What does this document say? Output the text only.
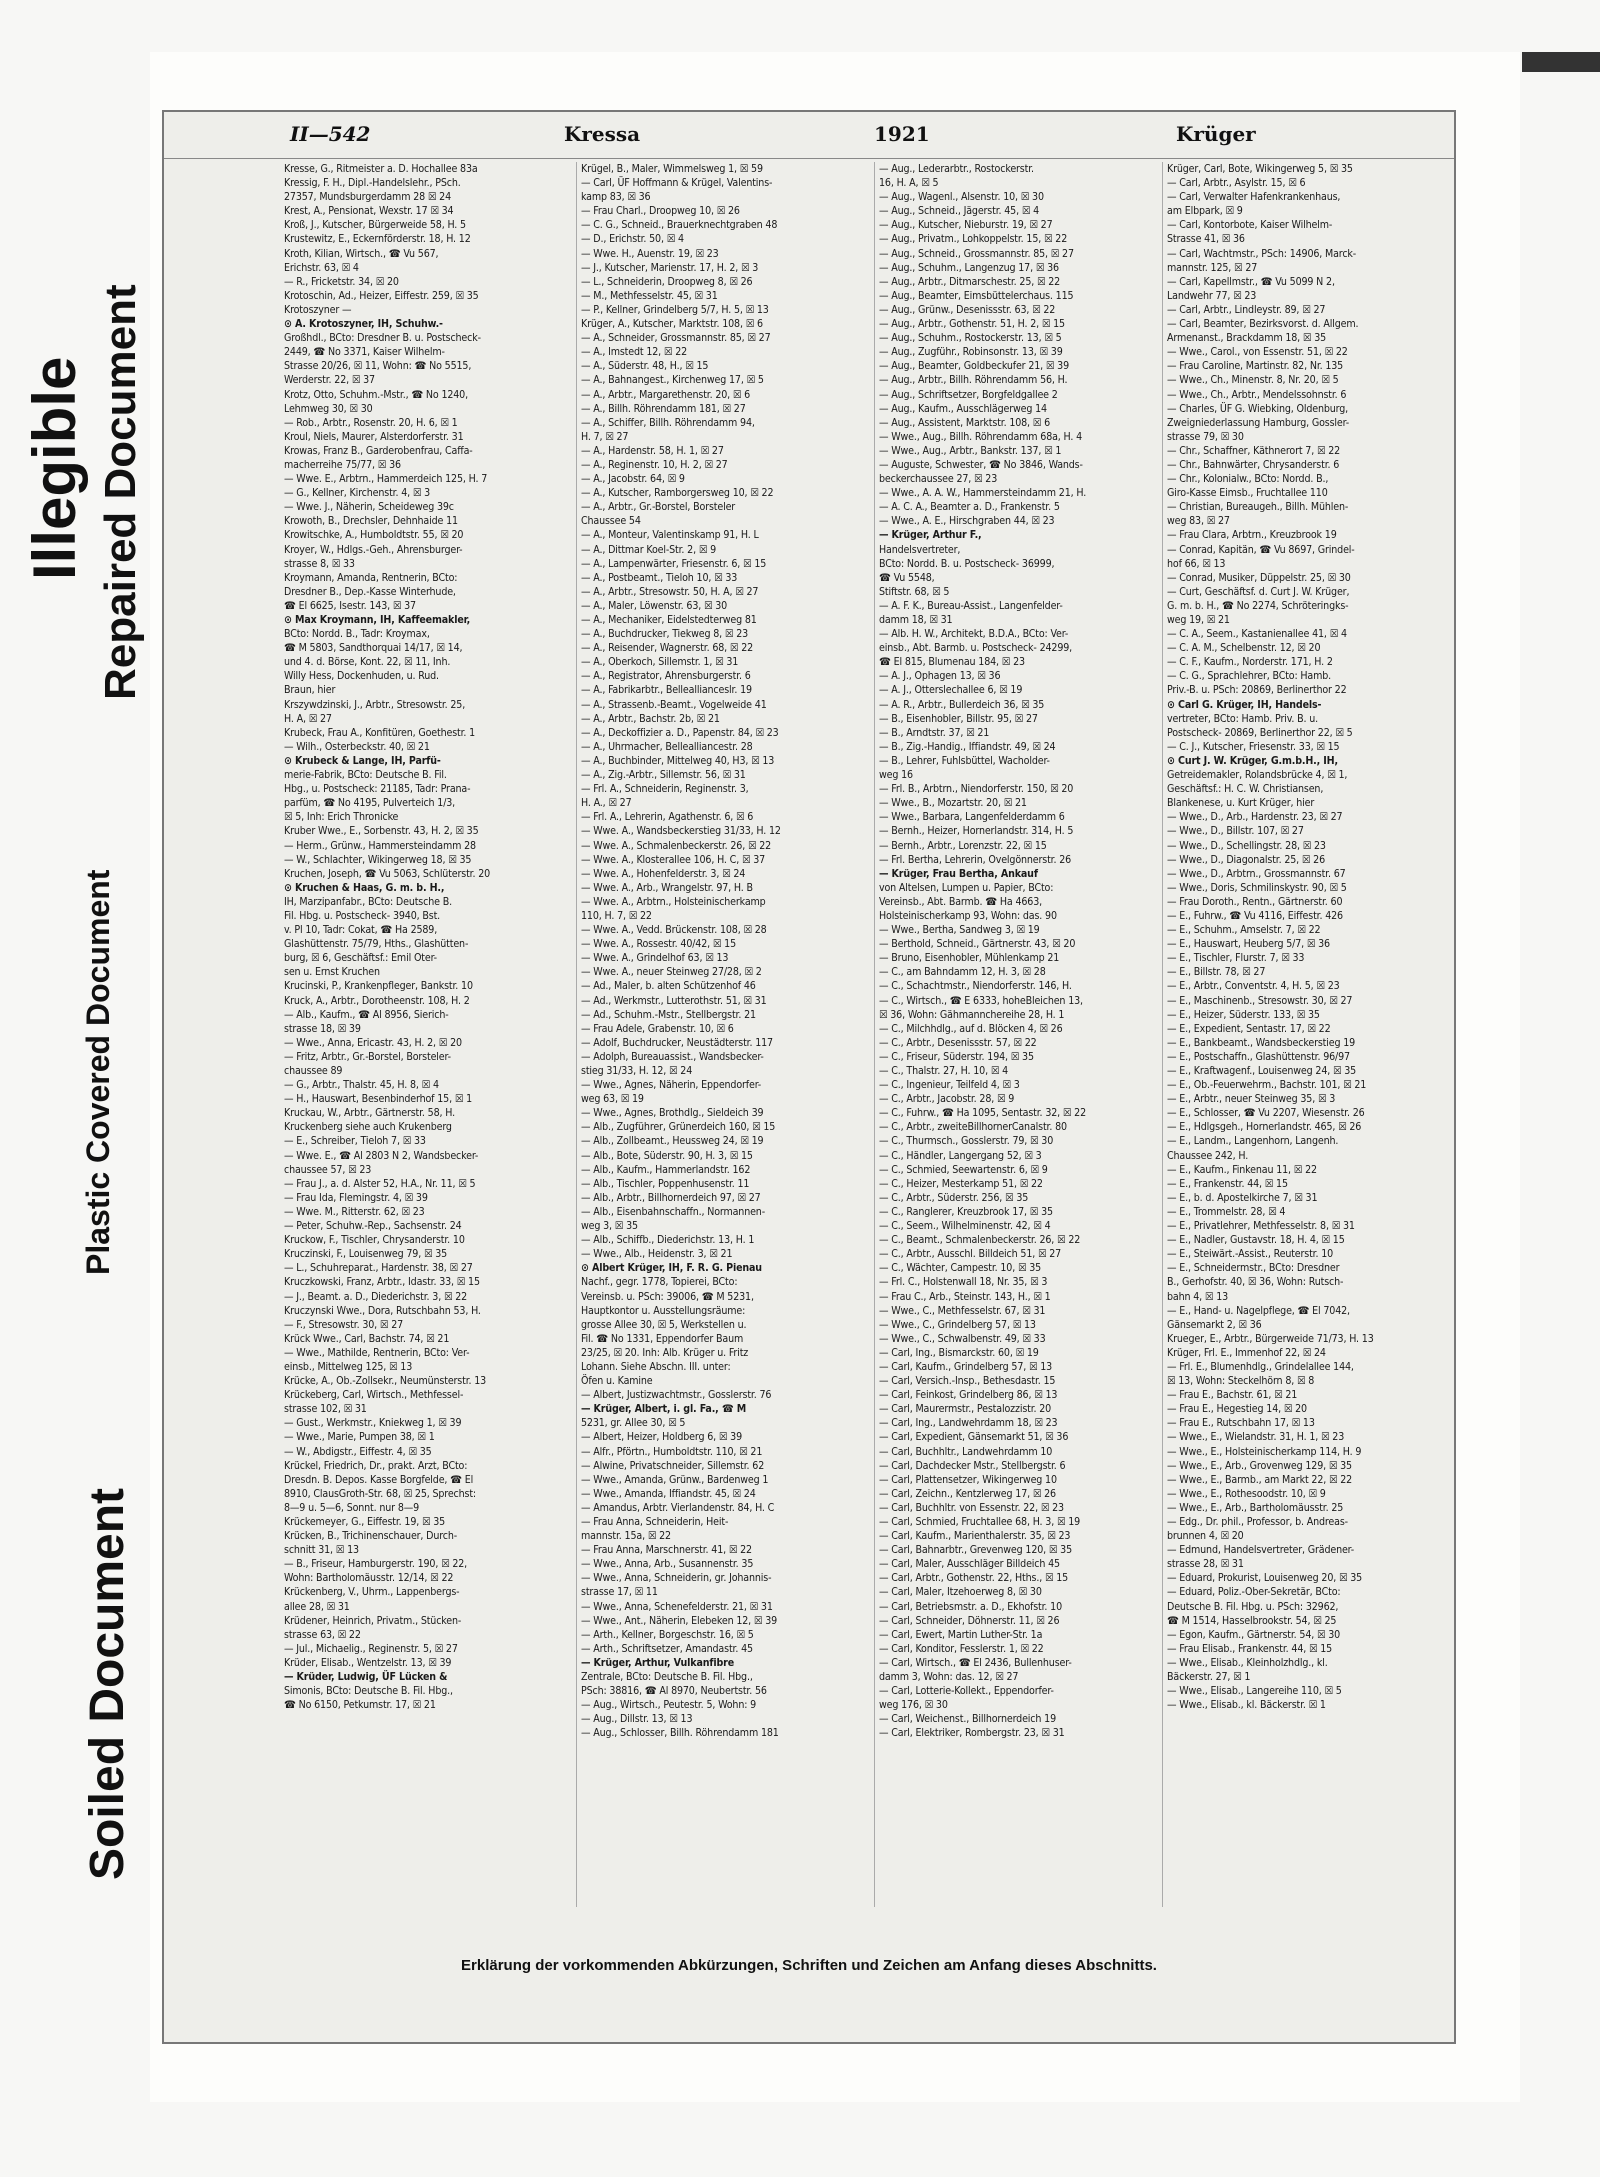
Illegible Repaired Document
Plastic Covered Document
Soiled Document
II—542	Kressa	1921	Krüger
Kresse, G., Ritmeister a. D. Hochallee 83a
Kressig, F. H., Dipl.-Handelslehr., PSch.
27357, Mundsburgerdamm 28 ☒ 24
Krest, A., Pensionat, Wexstr. 17 ☒ 34
Kroß, J., Kutscher, Bürgerweide 58, H. 5
Krustewitz, E., Eckernförderstr. 18, H. 12
Kroth, Kilian, Wirtsch., ☎ Vu 567,
Erichstr. 63, ☒ 4
— R., Fricketstr. 34, ☒ 20
Krotoschin, Ad., Heizer, Eiffestr. 259, ☒ 35
Krotoszyner —
⊙ A. Krotoszyner, IH, Schuhw.-
Großhdl., BCto: Dresdner B. u. Postscheck-
2449, ☎ No 3371, Kaiser Wilhelm-
Strasse 20/26, ☒ 11, Wohn: ☎ No 5515,
Werderstr. 22, ☒ 37
Krotz, Otto, Schuhm.-Mstr., ☎ No 1240,
Lehmweg 30, ☒ 30
— Rob., Arbtr., Rosenstr. 20, H. 6, ☒ 1
Kroul, Niels, Maurer, Alsterdorferstr. 31
Krowas, Franz B., Garderobenfrau, Caffa-
macherreihe 75/77, ☒ 36
— Wwe. E., Arbtrn., Hammerdeich 125, H. 7
— G., Kellner, Kirchenstr. 4, ☒ 3
— Wwe. J., Näherin, Scheideweg 39c
Krowoth, B., Drechsler, Dehnhaide 11
Krowitschke, A., Humboldtstr. 55, ☒ 20
Kroyer, W., Hdlgs.-Geh., Ahrensburger-
strasse 8, ☒ 33
Kroymann, Amanda, Rentnerin, BCto:
Dresdner B., Dep.-Kasse Winterhude,
☎ El 6625, Isestr. 143, ☒ 37
⊙ Max Kroymann, IH, Kaffeemakler,
BCto: Nordd. B., Tadr: Kroymax,
☎ M 5803, Sandthorquai 14/17, ☒ 14,
und 4. d. Börse, Kont. 22, ☒ 11, Inh.
Willy Hess, Dockenhuden, u. Rud.
Braun, hier
Krszywdzinski, J., Arbtr., Stresowstr. 25,
H. A, ☒ 27
Krubeck, Frau A., Konfitüren, Goethestr. 1
— Wilh., Osterbeckstr. 40, ☒ 21
⊙ Krubeck & Lange, IH, Parfü-
merie-Fabrik, BCto: Deutsche B. Fil.
Hbg., u. Postscheck: 21185, Tadr: Prana-
parfüm, ☎ No 4195, Pulverteich 1/3,
☒ 5, Inh: Erich Thronicke
Kruber Wwe., E., Sorbenstr. 43, H. 2, ☒ 35
— Herm., Grünw., Hammersteindamm 28
— W., Schlachter, Wikingerweg 18, ☒ 35
Kruchen, Joseph, ☎ Vu 5063, Schlüterstr. 20
⊙ Kruchen & Haas, G. m. b. H.,
IH, Marzipanfabr., BCto: Deutsche B.
Fil. Hbg. u. Postscheck- 3940, Bst.
v. Pl 10, Tadr: Cokat, ☎ Ha 2589,
Glashüttenstr. 75/79, Hths., Glashütten-
burg, ☒ 6, Geschäftsf.: Emil Oter-
sen u. Ernst Kruchen
Krucinski, P., Krankenpfleger, Bankstr. 10
Kruck, A., Arbtr., Dorotheenstr. 108, H. 2
— Alb., Kaufm., ☎ Al 8956, Sierich-
strasse 18, ☒ 39
— Wwe., Anna, Ericastr. 43, H. 2, ☒ 20
— Fritz, Arbtr., Gr.-Borstel, Borsteler-
chaussee 89
— G., Arbtr., Thalstr. 45, H. 8, ☒ 4
— H., Hauswart, Besenbinderhof 15, ☒ 1
Kruckau, W., Arbtr., Gärtnerstr. 58, H.
Kruckenberg siehe auch Krukenberg
— E., Schreiber, Tieloh 7, ☒ 33
— Wwe. E., ☎ Al 2803 N 2, Wandsbecker-
chaussee 57, ☒ 23
— Frau J., a. d. Alster 52, H.A., Nr. 11, ☒ 5
— Frau Ida, Flemingstr. 4, ☒ 39
— Wwe. M., Ritterstr. 62, ☒ 23
— Peter, Schuhw.-Rep., Sachsenstr. 24
Kruckow, F., Tischler, Chrysanderstr. 10
Kruczinski, F., Louisenweg 79, ☒ 35
— L., Schuhreparat., Hardenstr. 38, ☒ 27
Kruczkowski, Franz, Arbtr., Idastr. 33, ☒ 15
— J., Beamt. a. D., Diederichstr. 3, ☒ 22
Kruczynski Wwe., Dora, Rutschbahn 53, H.
— F., Stresowstr. 30, ☒ 27
Krück Wwe., Carl, Bachstr. 74, ☒ 21
— Wwe., Mathilde, Rentnerin, BCto: Ver-
einsb., Mittelweg 125, ☒ 13
Krücke, A., Ob.-Zollsekr., Neumünsterstr. 13
Krückeberg, Carl, Wirtsch., Methfessel-
strasse 102, ☒ 31
— Gust., Werkmstr., Kniekweg 1, ☒ 39
— Wwe., Marie, Pumpen 38, ☒ 1
— W., Abdigstr., Eiffestr. 4, ☒ 35
Krückel, Friedrich, Dr., prakt. Arzt, BCto:
Dresdn. B. Depos. Kasse Borgfelde, ☎ El
8910, ClausGroth-Str. 68, ☒ 25, Sprechst:
8—9 u. 5—6, Sonnt. nur 8—9
Krückemeyer, G., Eiffestr. 19, ☒ 35
Krücken, B., Trichinenschauer, Durch-
schnitt 31, ☒ 13
— B., Friseur, Hamburgerstr. 190, ☒ 22,
Wohn: Bartholomäusstr. 12/14, ☒ 22
Krückenberg, V., Uhrm., Lappenbergs-
allee 28, ☒ 31
Krüdener, Heinrich, Privatm., Stücken-
strasse 63, ☒ 22
— Jul., Michaelig., Reginenstr. 5, ☒ 27
Krüder, Elisab., Wentzelstr. 13, ☒ 39
— Krüder, Ludwig, ÜF Lücken &
Simonis, BCto: Deutsche B. Fil. Hbg.,
☎ No 6150, Petkumstr. 17, ☒ 21
Krügel, B., Maler, Wimmelsweg 1, ☒ 59
— Carl, ÜF Hoffmann & Krügel, Valentins-
kamp 83, ☒ 36
— Frau Charl., Droopweg 10, ☒ 26
— C. G., Schneid., Brauerknechtgraben 48
— D., Erichstr. 50, ☒ 4
— Wwe. H., Auenstr. 19, ☒ 23
— J., Kutscher, Marienstr. 17, H. 2, ☒ 3
— L., Schneiderin, Droopweg 8, ☒ 26
— M., Methfesselstr. 45, ☒ 31
— P., Kellner, Grindelberg 5/7, H. 5, ☒ 13
Krüger, A., Kutscher, Marktstr. 108, ☒ 6
— A., Schneider, Grossmannstr. 85, ☒ 27
— A., Imstedt 12, ☒ 22
— A., Süderstr. 48, H., ☒ 15
— A., Bahnangest., Kirchenweg 17, ☒ 5
— A., Arbtr., Margarethenstr. 20, ☒ 6
— A., Billh. Röhrendamm 181, ☒ 27
— A., Schiffer, Billh. Röhrendamm 94,
H. 7, ☒ 27
— A., Hardenstr. 58, H. 1, ☒ 27
— A., Reginenstr. 10, H. 2, ☒ 27
— A., Jacobstr. 64, ☒ 9
— A., Kutscher, Ramborgersweg 10, ☒ 22
— A., Arbtr., Gr.-Borstel, Borsteler
Chaussee 54
— A., Monteur, Valentinskamp 91, H. L
— A., Dittmar Koel-Str. 2, ☒ 9
— A., Lampenwärter, Friesenstr. 6, ☒ 15
— A., Postbeamt., Tieloh 10, ☒ 33
— A., Arbtr., Stresowstr. 50, H. A, ☒ 27
— A., Maler, Löwenstr. 63, ☒ 30
— A., Mechaniker, Eidelstedterweg 81
— A., Buchdrucker, Tiekweg 8, ☒ 23
— A., Reisender, Wagnerstr. 68, ☒ 22
— A., Oberkoch, Sillemstr. 1, ☒ 31
— A., Registrator, Ahrensburgerstr. 6
— A., Fabrikarbtr., Belleallianceslr. 19
— A., Strassenb.-Beamt., Vogelweide 41
— A., Arbtr., Bachstr. 2b, ☒ 21
— A., Deckoffizier a. D., Papenstr. 84, ☒ 23
— A., Uhrmacher, Bellealliancestr. 28
— A., Buchbinder, Mittelweg 40, H3, ☒ 13
— A., Zig.-Arbtr., Sillemstr. 56, ☒ 31
— Frl. A., Schneiderin, Reginenstr. 3,
H. A., ☒ 27
— Frl. A., Lehrerin, Agathenstr. 6, ☒ 6
— Wwe. A., Wandsbeckerstieg 31/33, H. 12
— Wwe. A., Schmalenbeckerstr. 26, ☒ 22
— Wwe. A., Klosterallee 106, H. C, ☒ 37
— Wwe. A., Hohenfelderstr. 3, ☒ 24
— Wwe. A., Arb., Wrangelstr. 97, H. B
— Wwe. A., Arbtrn., Holsteinischerkamp
110, H. 7, ☒ 22
— Wwe. A., Vedd. Brückenstr. 108, ☒ 28
— Wwe. A., Rossestr. 40/42, ☒ 15
— Wwe. A., Grindelhof 63, ☒ 13
— Wwe. A., neuer Steinweg 27/28, ☒ 2
— Ad., Maler, b. alten Schützenhof 46
— Ad., Werkmstr., Lutterothstr. 51, ☒ 31
— Ad., Schuhm.-Mstr., Stellbergstr. 21
— Frau Adele, Grabenstr. 10, ☒ 6
— Adolf, Buchdrucker, Neustädterstr. 117
— Adolph, Bureauassist., Wandsbecker-
stieg 31/33, H. 12, ☒ 24
— Wwe., Agnes, Näherin, Eppendorfer-
weg 63, ☒ 19
— Wwe., Agnes, Brothdlg., Sieldeich 39
— Alb., Zugführer, Grünerdeich 160, ☒ 15
— Alb., Zollbeamt., Heussweg 24, ☒ 19
— Alb., Bote, Süderstr. 90, H. 3, ☒ 15
— Alb., Kaufm., Hammerlandstr. 162
— Alb., Tischler, Poppenhusenstr. 11
— Alb., Arbtr., Billhornerdeich 97, ☒ 27
— Alb., Eisenbahnschaffn., Normannen-
weg 3, ☒ 35
— Alb., Schiffb., Diederichstr. 13, H. 1
— Wwe., Alb., Heidenstr. 3, ☒ 21
⊙ Albert Krüger, IH, F. R. G. Pienau
Nachf., gegr. 1778, Topierei, BCto:
Vereinsb. u. PSch: 39006, ☎ M 5231,
Hauptkontor u. Ausstellungsräume:
grosse Allee 30, ☒ 5, Werkstellen u.
Fil. ☎ No 1331, Eppendorfer Baum
23/25, ☒ 20. Inh: Alb. Krüger u. Fritz
Lohann. Siehe Abschn. III. unter:
Öfen u. Kamine
— Albert, Justizwachtmstr., Gosslerstr. 76
— Krüger, Albert, i. gl. Fa., ☎ M
5231, gr. Allee 30, ☒ 5
— Albert, Heizer, Holdberg 6, ☒ 39
— Alfr., Pförtn., Humboldtstr. 110, ☒ 21
— Alwine, Privatschneider, Sillemstr. 62
— Wwe., Amanda, Grünw., Bardenweg 1
— Wwe., Amanda, Iffiandstr. 45, ☒ 24
— Amandus, Arbtr. Vierlandenstr. 84, H. C
— Frau Anna, Schneiderin, Heit-
mannstr. 15a, ☒ 22
— Frau Anna, Marschnerstr. 41, ☒ 22
— Wwe., Anna, Arb., Susannenstr. 35
— Wwe., Anna, Schneiderin, gr. Johannis-
strasse 17, ☒ 11
— Wwe., Anna, Schenefelderstr. 21, ☒ 31
— Wwe., Ant., Näherin, Elebeken 12, ☒ 39
— Arth., Kellner, Borgeschstr. 16, ☒ 5
— Arth., Schriftsetzer, Amandastr. 45
— Krüger, Arthur, Vulkanfibre
Zentrale, BCto: Deutsche B. Fil. Hbg.,
PSch: 38816, ☎ Al 8970, Neubertstr. 56
— Aug., Wirtsch., Peutestr. 5, Wohn: 9
— Aug., Dillstr. 13, ☒ 13
— Aug., Schlosser, Billh. Röhrendamm 181
— Aug., Lederarbtr., Rostockerstr.
16, H. A, ☒ 5
— Aug., Wagenl., Alsenstr. 10, ☒ 30
— Aug., Schneid., Jägerstr. 45, ☒ 4
— Aug., Kutscher, Nieburstr. 19, ☒ 27
— Aug., Privatm., Lohkoppelstr. 15, ☒ 22
— Aug., Schneid., Grossmannstr. 85, ☒ 27
— Aug., Schuhm., Langenzug 17, ☒ 36
— Aug., Arbtr., Ditmarschestr. 25, ☒ 22
— Aug., Beamter, Eimsbüttelerchaus. 115
— Aug., Grünw., Desenissstr. 63, ☒ 22
— Aug., Arbtr., Gothenstr. 51, H. 2, ☒ 15
— Aug., Schuhm., Rostockerstr. 13, ☒ 5
— Aug., Zugführ., Robinsonstr. 13, ☒ 39
— Aug., Beamter, Goldbeckufer 21, ☒ 39
— Aug., Arbtr., Billh. Röhrendamm 56, H.
— Aug., Schriftsetzer, Borgfeldgallee 2
— Aug., Kaufm., Ausschlägerweg 14
— Aug., Assistent, Marktstr. 108, ☒ 6
— Wwe., Aug., Billh. Röhrendamm 68a, H. 4
— Wwe., Aug., Arbtr., Bankstr. 137, ☒ 1
— Auguste, Schwester, ☎ No 3846, Wands-
beckerchaussee 27, ☒ 23
— Wwe., A. A. W., Hammersteindamm 21, H.
— A. C. A., Beamter a. D., Frankenstr. 5
— Wwe., A. E., Hirschgraben 44, ☒ 23
— Krüger, Arthur F.,
Handelsvertreter,
BCto: Nordd. B. u. Postscheck- 36999,
☎ Vu 5548,
Stiftstr. 68, ☒ 5
— A. F. K., Bureau-Assist., Langenfelder-
damm 18, ☒ 31
— Alb. H. W., Architekt, B.D.A., BCto: Ver-
einsb., Abt. Barmb. u. Postscheck- 24299,
☎ El 815, Blumenau 184, ☒ 23
— A. J., Ophagen 13, ☒ 36
— A. J., Otterslechallee 6, ☒ 19
— A. R., Arbtr., Bullerdeich 36, ☒ 35
— B., Eisenhobler, Billstr. 95, ☒ 27
— B., Arndtstr. 37, ☒ 21
— B., Zig.-Handig., Iffiandstr. 49, ☒ 24
— B., Lehrer, Fuhlsbüttel, Wacholder-
weg 16
— Frl. B., Arbtrn., Niendorferstr. 150, ☒ 20
— Wwe., B., Mozartstr. 20, ☒ 21
— Wwe., Barbara, Langenfelderdamm 6
— Bernh., Heizer, Hornerlandstr. 314, H. 5
— Bernh., Arbtr., Lorenzstr. 22, ☒ 15
— Frl. Bertha, Lehrerin, Ovelgönnerstr. 26
— Krüger, Frau Bertha, Ankauf
von Altelsen, Lumpen u. Papier, BCto:
Vereinsb., Abt. Barmb. ☎ Ha 4663,
Holsteinischerkamp 93, Wohn: das. 90
— Wwe., Bertha, Sandweg 3, ☒ 19
— Berthold, Schneid., Gärtnerstr. 43, ☒ 20
— Bruno, Eisenhobler, Mühlenkamp 21
— C., am Bahndamm 12, H. 3, ☒ 28
— C., Schachtmstr., Niendorferstr. 146, H.
— C., Wirtsch., ☎ E 6333, hoheBleichen 13,
☒ 36, Wohn: Gähmannchereihe 28, H. 1
— C., Milchhdlg., auf d. Blöcken 4, ☒ 26
— C., Arbtr., Desenissstr. 57, ☒ 22
— C., Friseur, Süderstr. 194, ☒ 35
— C., Thalstr. 27, H. 10, ☒ 4
— C., Ingenieur, Teilfeld 4, ☒ 3
— C., Arbtr., Jacobstr. 28, ☒ 9
— C., Fuhrw., ☎ Ha 1095, Sentastr. 32, ☒ 22
— C., Arbtr., zweiteBillhornerCanalstr. 80
— C., Thurmsch., Gosslerstr. 79, ☒ 30
— C., Händler, Langergang 52, ☒ 3
— C., Schmied, Seewartenstr. 6, ☒ 9
— C., Heizer, Mesterkamp 51, ☒ 22
— C., Arbtr., Süderstr. 256, ☒ 35
— C., Ranglerer, Kreuzbrook 17, ☒ 35
— C., Seem., Wilhelminenstr. 42, ☒ 4
— C., Beamt., Schmalenbeckerstr. 26, ☒ 22
— C., Arbtr., Ausschl. Billdeich 51, ☒ 27
— C., Wächter, Campestr. 10, ☒ 35
— Frl. C., Holstenwall 18, Nr. 35, ☒ 3
— Frau C., Arb., Steinstr. 143, H., ☒ 1
— Wwe., C., Methfesselstr. 67, ☒ 31
— Wwe., C., Grindelberg 57, ☒ 13
— Wwe., C., Schwalbenstr. 49, ☒ 33
— Carl, Ing., Bismarckstr. 60, ☒ 19
— Carl, Kaufm., Grindelberg 57, ☒ 13
— Carl, Versich.-Insp., Bethesdastr. 15
— Carl, Feinkost, Grindelberg 86, ☒ 13
— Carl, Maurermstr., Pestalozzistr. 20
— Carl, Ing., Landwehrdamm 18, ☒ 23
— Carl, Expedient, Gänsemarkt 51, ☒ 36
— Carl, Buchhltr., Landwehrdamm 10
— Carl, Dachdecker Mstr., Stellbergstr. 6
— Carl, Plattensetzer, Wikingerweg 10
— Carl, Zeichn., Kentzlerweg 17, ☒ 26
— Carl, Buchhltr. von Essenstr. 22, ☒ 23
— Carl, Schmied, Fruchtallee 68, H. 3, ☒ 19
— Carl, Kaufm., Marienthalerstr. 35, ☒ 23
— Carl, Bahnarbtr., Grevenweg 120, ☒ 35
— Carl, Maler, Ausschläger Billdeich 45
— Carl, Arbtr., Gothenstr. 22, Hths., ☒ 15
— Carl, Maler, Itzehoerweg 8, ☒ 30
— Carl, Betriebsmstr. a. D., Ekhofstr. 10
— Carl, Schneider, Döhnerstr. 11, ☒ 26
— Carl, Ewert, Martin Luther-Str. 1a
— Carl, Konditor, Fesslerstr. 1, ☒ 22
— Carl, Wirtsch., ☎ El 2436, Bullenhuser-
damm 3, Wohn: das. 12, ☒ 27
— Carl, Lotterie-Kollekt., Eppendorfer-
weg 176, ☒ 30
— Carl, Weichenst., Billhornerdeich 19
— Carl, Elektriker, Rombergstr. 23, ☒ 31
Krüger, Carl, Bote, Wikingerweg 5, ☒ 35
— Carl, Arbtr., Asylstr. 15, ☒ 6
— Carl, Verwalter Hafenkrankenhaus,
am Elbpark, ☒ 9
— Carl, Kontorbote, Kaiser Wilhelm-
Strasse 41, ☒ 36
— Carl, Wachtmstr., PSch: 14906, Marck-
mannstr. 125, ☒ 27
— Carl, Kapellmstr., ☎ Vu 5099 N 2,
Landwehr 77, ☒ 23
— Carl, Arbtr., Lindleystr. 89, ☒ 27
— Carl, Beamter, Bezirksvorst. d. Allgem.
Armenanst., Brackdamm 18, ☒ 35
— Wwe., Carol., von Essenstr. 51, ☒ 22
— Frau Caroline, Martinstr. 82, Nr. 135
— Wwe., Ch., Minenstr. 8, Nr. 20, ☒ 5
— Wwe., Ch., Arbtr., Mendelssohnstr. 6
— Charles, ÜF G. Wiebking, Oldenburg,
Zweigniederlassung Hamburg, Gossler-
strasse 79, ☒ 30
— Chr., Schaffner, Käthnerort 7, ☒ 22
— Chr., Bahnwärter, Chrysanderstr. 6
— Chr., Kolonialw., BCto: Nordd. B.,
Giro-Kasse Eimsb., Fruchtallee 110
— Christian, Bureaugeh., Billh. Mühlen-
weg 83, ☒ 27
— Frau Clara, Arbtrn., Kreuzbrook 19
— Conrad, Kapitän, ☎ Vu 8697, Grindel-
hof 66, ☒ 13
— Conrad, Musiker, Düppelstr. 25, ☒ 30
— Curt, Geschäftsf. d. Curt J. W. Krüger,
G. m. b. H., ☎ No 2274, Schröteringks-
weg 19, ☒ 21
— C. A., Seem., Kastanienallee 41, ☒ 4
— C. A. M., Schelbenstr. 12, ☒ 20
— C. F., Kaufm., Norderstr. 171, H. 2
— C. G., Sprachlehrer, BCto: Hamb.
Priv.-B. u. PSch: 20869, Berlinerthor 22
⊙ Carl G. Krüger, IH, Handels-
vertreter, BCto: Hamb. Priv. B. u.
Postscheck- 20869, Berlinerthor 22, ☒ 5
— C. J., Kutscher, Friesenstr. 33, ☒ 15
⊙ Curt J. W. Krüger, G.m.b.H., IH,
Getreidemakler, Rolandsbrücke 4, ☒ 1,
Geschäftsf.: H. C. W. Christiansen,
Blankenese, u. Kurt Krüger, hier
— Wwe., D., Arb., Hardenstr. 23, ☒ 27
— Wwe., D., Billstr. 107, ☒ 27
— Wwe., D., Schellingstr. 28, ☒ 23
— Wwe., D., Diagonalstr. 25, ☒ 26
— Wwe., D., Arbtrn., Grossmannstr. 67
— Wwe., Doris, Schmilinskystr. 90, ☒ 5
— Frau Doroth., Rentn., Gärtnerstr. 60
— E., Fuhrw., ☎ Vu 4116, Eiffestr. 426
— E., Schuhm., Amselstr. 7, ☒ 22
— E., Hauswart, Heuberg 5/7, ☒ 36
— E., Tischler, Flurstr. 7, ☒ 33
— E., Billstr. 78, ☒ 27
— E., Arbtr., Conventstr. 4, H. 5, ☒ 23
— E., Maschinenb., Stresowstr. 30, ☒ 27
— E., Heizer, Süderstr. 133, ☒ 35
— E., Expedient, Sentastr. 17, ☒ 22
— E., Bankbeamt., Wandsbeckerstieg 19
— E., Postschaffn., Glashüttenstr. 96/97
— E., Kraftwagenf., Louisenweg 24, ☒ 35
— E., Ob.-Feuerwehrm., Bachstr. 101, ☒ 21
— E., Arbtr., neuer Steinweg 35, ☒ 3
— E., Schlosser, ☎ Vu 2207, Wiesenstr. 26
— E., Hdlgsgeh., Hornerlandstr. 465, ☒ 26
— E., Landm., Langenhorn, Langenh.
Chaussee 242, H.
— E., Kaufm., Finkenau 11, ☒ 22
— E., Frankenstr. 44, ☒ 15
— E., b. d. Apostelkirche 7, ☒ 31
— E., Trommelstr. 28, ☒ 4
— E., Privatlehrer, Methfesselstr. 8, ☒ 31
— E., Nadler, Gustavstr. 18, H. 4, ☒ 15
— E., Steiwärt.-Assist., Reuterstr. 10
— E., Schneidermstr., BCto: Dresdner
B., Gerhofstr. 40, ☒ 36, Wohn: Rutsch-
bahn 4, ☒ 13
— E., Hand- u. Nagelpflege, ☎ El 7042,
Gänsemarkt 2, ☒ 36
Krueger, E., Arbtr., Bürgerweide 71/73, H. 13
Krüger, Frl. E., Immenhof 22, ☒ 24
— Frl. E., Blumenhdlg., Grindelallee 144,
☒ 13, Wohn: Steckelhörn 8, ☒ 8
— Frau E., Bachstr. 61, ☒ 21
— Frau E., Hegestieg 14, ☒ 20
— Frau E., Rutschbahn 17, ☒ 13
— Wwe., E., Wielandstr. 31, H. 1, ☒ 23
— Wwe., E., Holsteinischerkamp 114, H. 9
— Wwe., E., Arb., Grovenweg 129, ☒ 35
— Wwe., E., Barmb., am Markt 22, ☒ 22
— Wwe., E., Rothesoodstr. 10, ☒ 9
— Wwe., E., Arb., Bartholomäusstr. 25
— Edg., Dr. phil., Professor, b. Andreas-
brunnen 4, ☒ 20
— Edmund, Handelsvertreter, Grädener-
strasse 28, ☒ 31
— Eduard, Prokurist, Louisenweg 20, ☒ 35
— Eduard, Poliz.-Ober-Sekretär, BCto:
Deutsche B. Fil. Hbg. u. PSch: 32962,
☎ M 1514, Hasselbrookstr. 54, ☒ 25
— Egon, Kaufm., Gärtnerstr. 54, ☒ 30
— Frau Elisab., Frankenstr. 44, ☒ 15
— Wwe., Elisab., Kleinholzhdlg., kl.
Bäckerstr. 27, ☒ 1
— Wwe., Elisab., Langereihe 110, ☒ 5
— Wwe., Elisab., kl. Bäckerstr. ☒ 1
Erklärung der vorkommenden Abkürzungen, Schriften und Zeichen am Anfang dieses Abschnitts.
